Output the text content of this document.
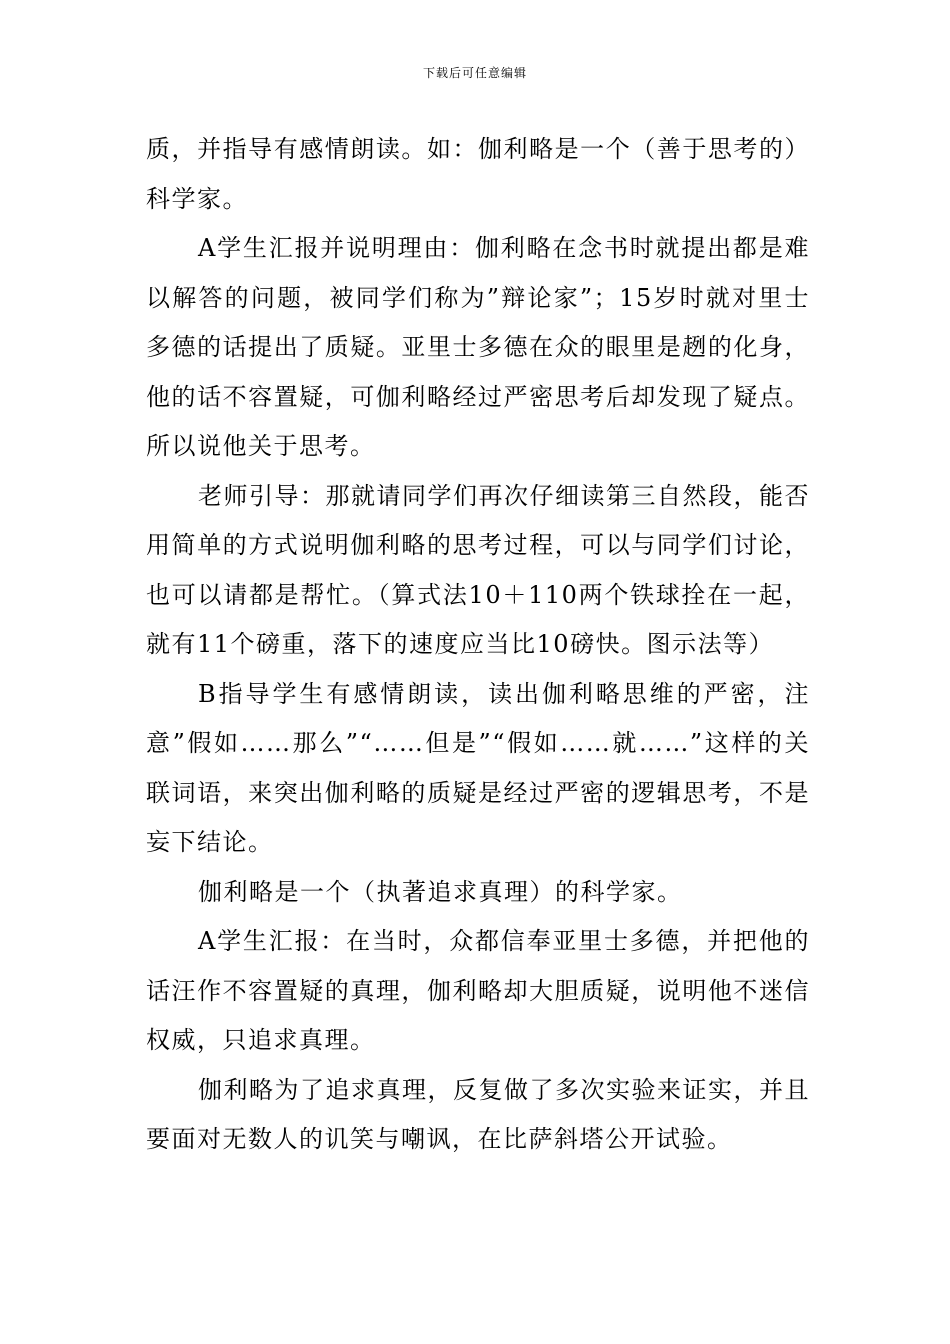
下载后可任意编辑

质，并指导有感情朗读。如：伽利略是一个（善于思考的）科学家。

A学生汇报并说明理由：伽利略在念书时就提出都是难以解答的问题，被同学们称为”辩论家”；15岁时就对里士多德的话提出了质疑。亚里士多德在众的眼里是趔的化身，他的话不容置疑，可伽利略经过严密思考后却发现了疑点。所以说他关于思考。

老师引导：那就请同学们再次仔细读第三自然段，能否用简单的方式说明伽利略的思考过程，可以与同学们讨论，也可以请都是帮忙。（算式法10＋110两个铁球拴在一起，就有11个磅重，落下的速度应当比10磅快。图示法等）

B指导学生有感情朗读，读出伽利略思维的严密，注意”假如……那么”“……但是”“假如……就……”这样的关联词语，来突出伽利略的质疑是经过严密的逻辑思考，不是妄下结论。

伽利略是一个（执著追求真理）的科学家。

A学生汇报：在当时，众都信奉亚里士多德，并把他的话汪作不容置疑的真理，伽利略却大胆质疑，说明他不迷信权威，只追求真理。

伽利略为了追求真理，反复做了多次实验来证实，并且要面对无数人的讥笑与嘲讽，在比萨斜塔公开试验。
